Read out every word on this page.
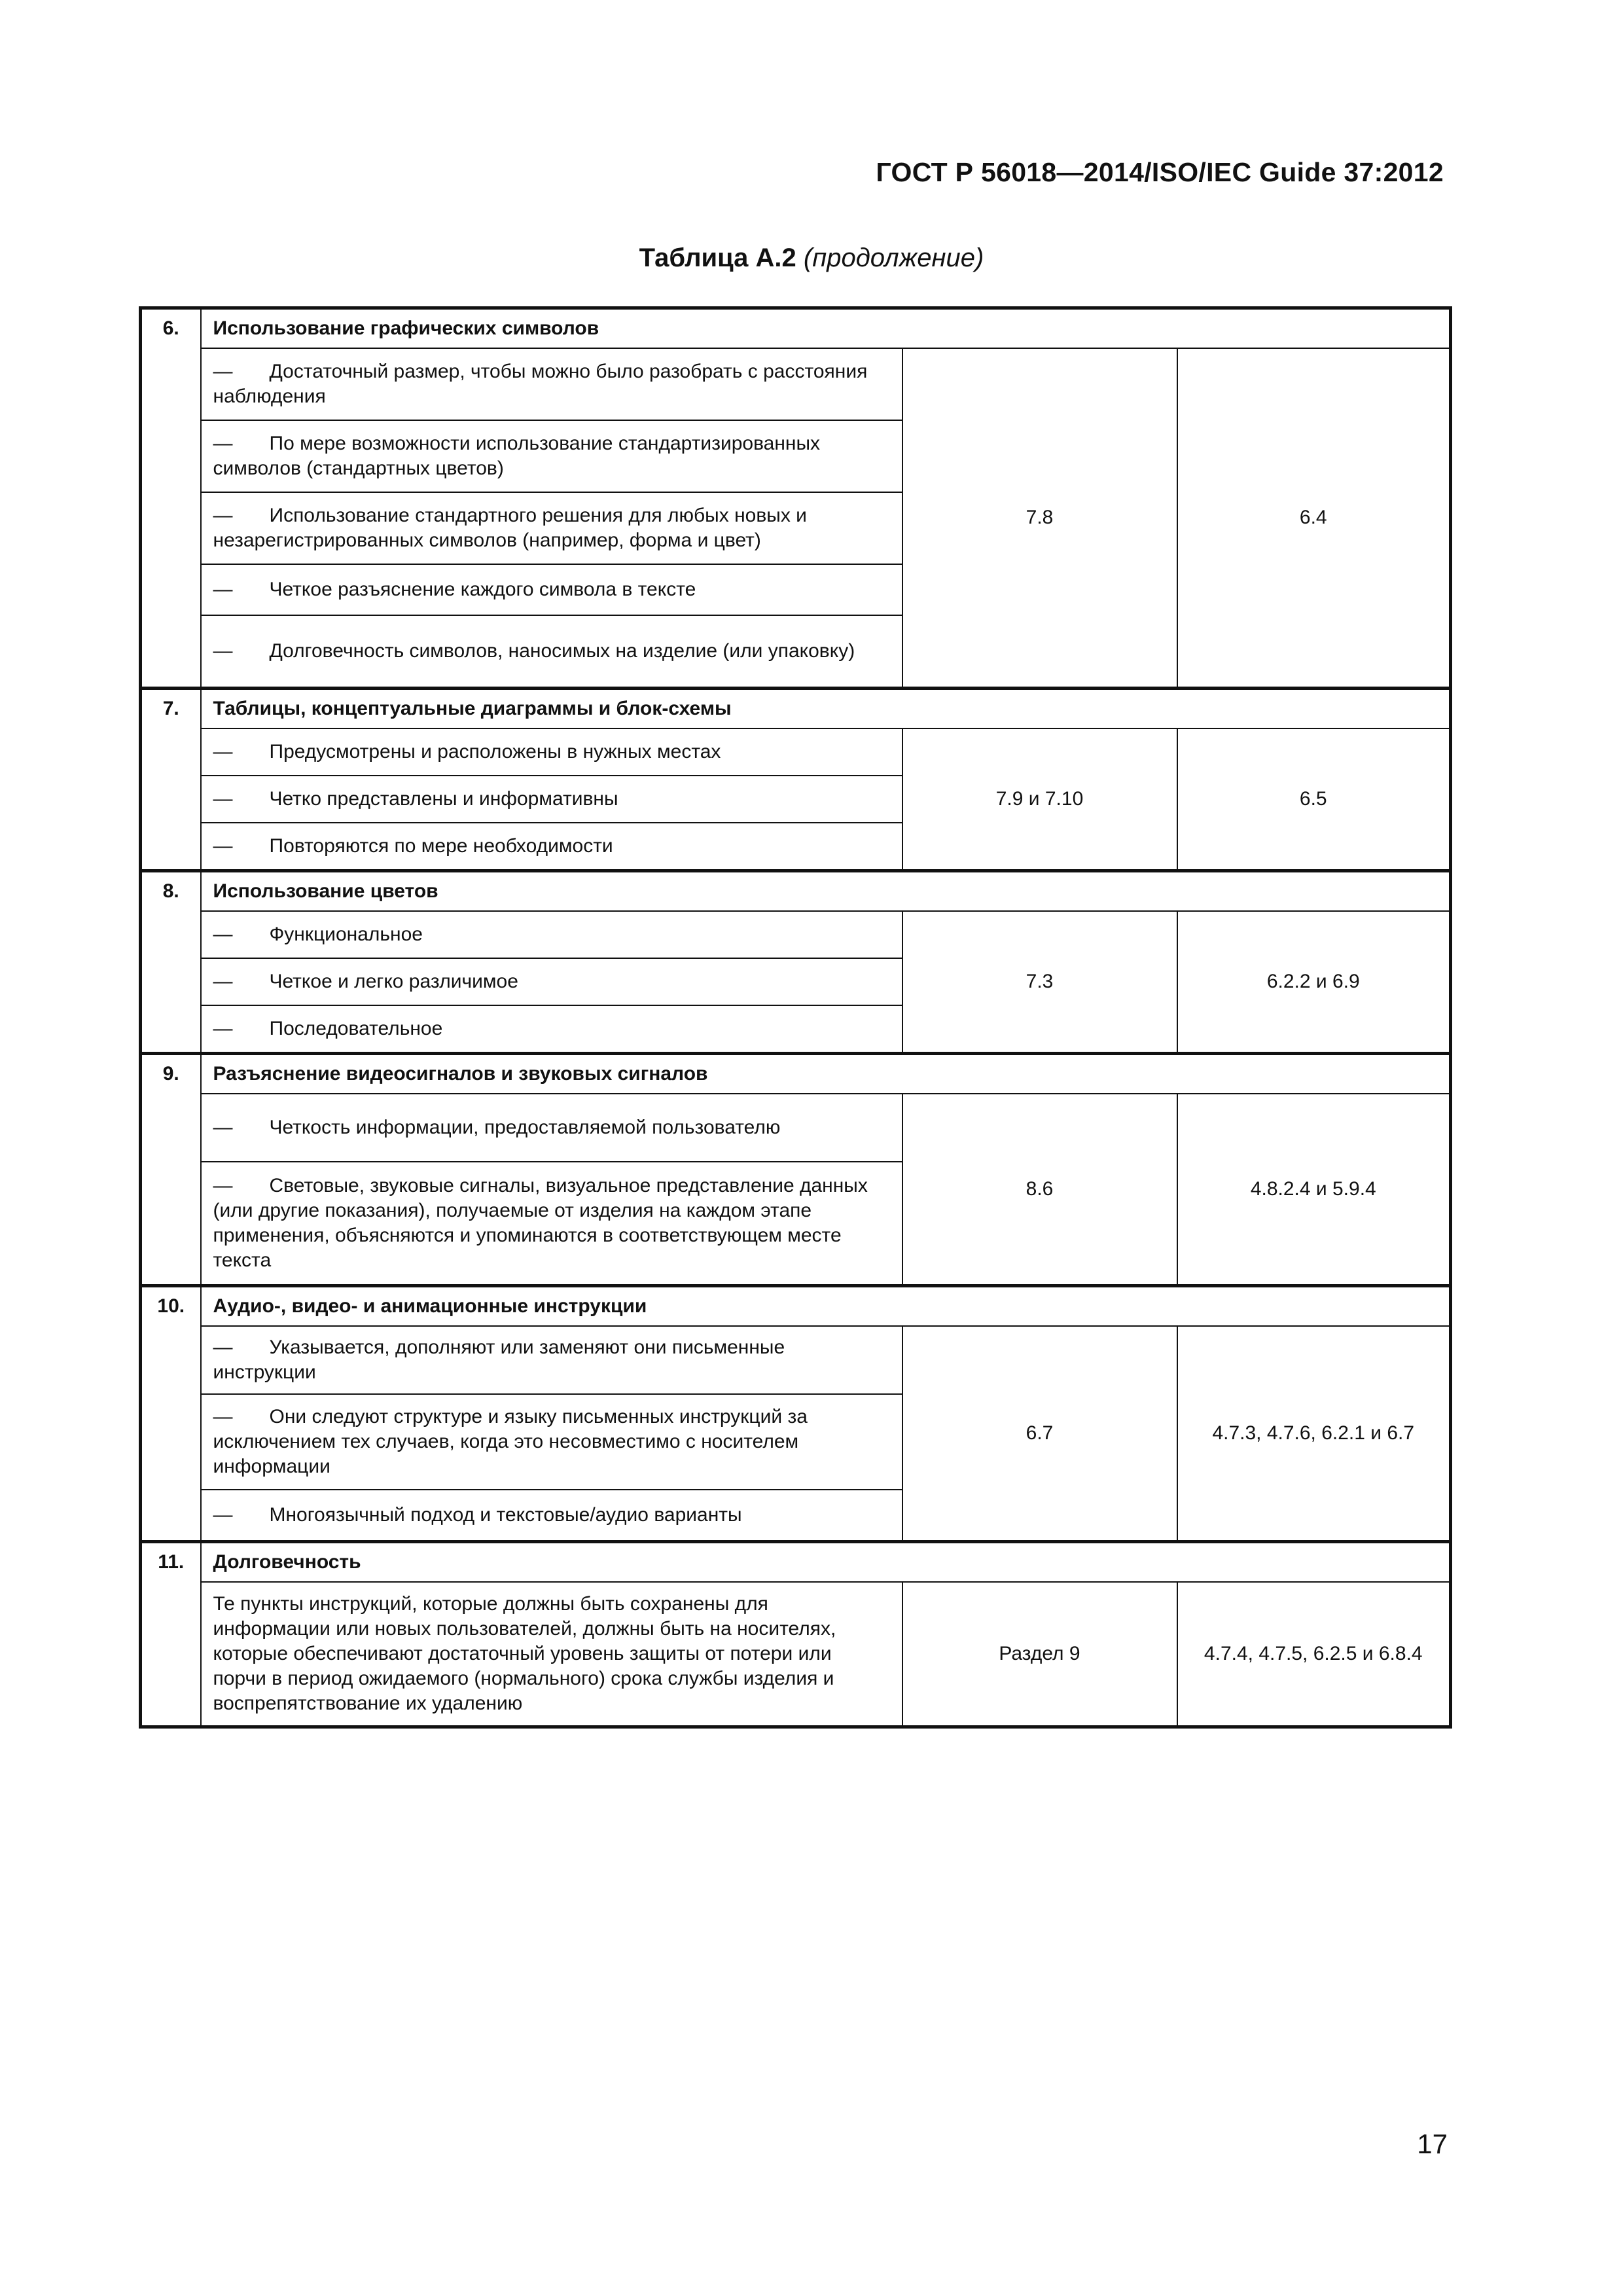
ГОСТ Р 56018—2014/ISO/IEC Guide 37:2012
Таблица А.2 (продолжение)
6.	Использование графических символов		
	— Достаточный размер, чтобы можно было разобрать с расстояния наблюдения	7.8	6.4
	— По мере возможности использование стандартизированных символов (стандартных цветов)		
	— Использование стандартного решения для любых новых и незарегистрированных символов (например, форма и цвет)		
	— Четкое разъяснение каждого символа в тексте		
	— Долговечность символов, наносимых на изделие (или упаковку)		
7.	Таблицы, концептуальные диаграммы и блок-схемы		
	— Предусмотрены и расположены в нужных местах	7.9 и 7.10	6.5
	— Четко представлены и информативны		
	— Повторяются по мере необходимости		
8.	Использование цветов		
	— Функциональное	7.3	6.2.2 и 6.9
	— Четкое и легко различимое		
	— Последовательное		
9.	Разъяснение видеосигналов и звуковых сигналов		
	— Четкость информации, предоставляемой пользователю	8.6	4.8.2.4 и 5.9.4
	— Световые, звуковые сигналы, визуальное представление данных (или другие показания), получаемые от изделия на каждом этапе применения, объясняются и упоминаются в соответствующем месте текста		
10.	Аудио-, видео- и анимационные инструкции		
	— Указывается, дополняют или заменяют они письменные инструкции	6.7	4.7.3, 4.7.6, 6.2.1 и 6.7
	— Они следуют структуре и языку письменных инструкций за исключением тех случаев, когда это несовместимо с носителем информации		
	— Многоязычный подход и текстовые/аудио варианты		
11.	Долговечность		
	Те пункты инструкций, которые должны быть сохранены для информации или новых пользователей, должны быть на носителях, которые обеспечивают достаточный уровень защиты от потери или порчи в период ожидаемого (нормального) срока службы изделия и воспрепятствование их удалению	Раздел 9	4.7.4, 4.7.5, 6.2.5 и 6.8.4
17
